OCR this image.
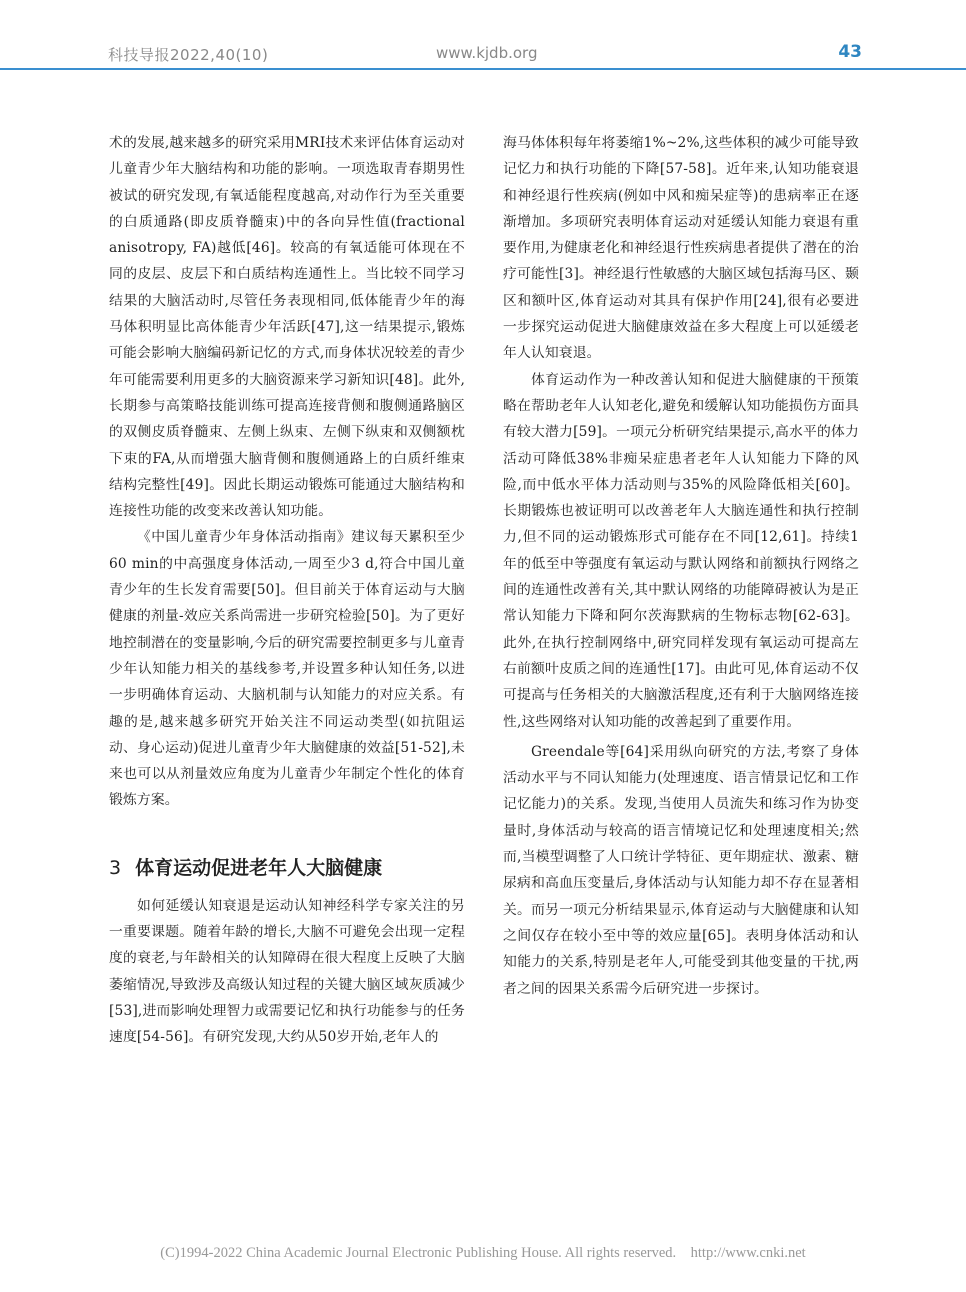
科技导报2022,40(10)	www.kjdb.org	43

术的发展,越来越多的研究采用MRI技术来评估体育运动对儿童青少年大脑结构和功能的影响。一项选取青春期男性被试的研究发现,有氧适能程度越高,对动作行为至关重要的白质通路(即皮质脊髓束)中的各向异性值(fractional anisotropy, FA)越低[46]。较高的有氧适能可体现在不同的皮层、皮层下和白质结构连通性上。当比较不同学习结果的大脑活动时,尽管任务表现相同,低体能青少年的海马体积明显比高体能青少年活跃[47],这一结果提示,锻炼可能会影响大脑编码新记忆的方式,而身体状况较差的青少年可能需要利用更多的大脑资源来学习新知识[48]。此外,长期参与高策略技能训练可提高连接背侧和腹侧通路脑区的双侧皮质脊髓束、左侧上纵束、左侧下纵束和双侧额枕下束的FA,从而增强大脑背侧和腹侧通路上的白质纤维束结构完整性[49]。因此长期运动锻炼可能通过大脑结构和连接性功能的改变来改善认知功能。

《中国儿童青少年身体活动指南》建议每天累积至少60 min的中高强度身体活动,一周至少3 d,符合中国儿童青少年的生长发育需要[50]。但目前关于体育运动与大脑健康的剂量-效应关系尚需进一步研究检验[50]。为了更好地控制潜在的变量影响,今后的研究需要控制更多与儿童青少年认知能力相关的基线参考,并设置多种认知任务,以进一步明确体育运动、大脑机制与认知能力的对应关系。有趣的是,越来越多研究开始关注不同运动类型(如抗阻运动、身心运动)促进儿童青少年大脑健康的效益[51-52],未来也可以从剂量效应角度为儿童青少年制定个性化的体育锻炼方案。

3 体育运动促进老年人大脑健康

如何延缓认知衰退是运动认知神经科学专家关注的另一重要课题。随着年龄的增长,大脑不可避免会出现一定程度的衰老,与年龄相关的认知障碍在很大程度上反映了大脑萎缩情况,导致涉及高级认知过程的关键大脑区域灰质减少[53],进而影响处理智力或需要记忆和执行功能参与的任务速度[54-56]。有研究发现,大约从50岁开始,老年人的

海马体体积每年将萎缩1%~2%,这些体积的减少可能导致记忆力和执行功能的下降[57-58]。近年来,认知功能衰退和神经退行性疾病(例如中风和痴呆症等)的患病率正在逐渐增加。多项研究表明体育运动对延缓认知能力衰退有重要作用,为健康老化和神经退行性疾病患者提供了潜在的治疗可能性[3]。神经退行性敏感的大脑区域包括海马区、颞区和额叶区,体育运动对其具有保护作用[24],很有必要进一步探究运动促进大脑健康效益在多大程度上可以延缓老年人认知衰退。

体育运动作为一种改善认知和促进大脑健康的干预策略在帮助老年人认知老化,避免和缓解认知功能损伤方面具有较大潜力[59]。一项元分析研究结果提示,高水平的体力活动可降低38%非痴呆症患者老年人认知能力下降的风险,而中低水平体力活动则与35%的风险降低相关[60]。长期锻炼也被证明可以改善老年人大脑连通性和执行控制力,但不同的运动锻炼形式可能存在不同[12,61]。持续1年的低至中等强度有氧运动与默认网络和前额执行网络之间的连通性改善有关,其中默认网络的功能障碍被认为是正常认知能力下降和阿尔茨海默病的生物标志物[62-63]。此外,在执行控制网络中,研究同样发现有氧运动可提高左右前额叶皮质之间的连通性[17]。由此可见,体育运动不仅可提高与任务相关的大脑激活程度,还有利于大脑网络连接性,这些网络对认知功能的改善起到了重要作用。

Greendale等[64]采用纵向研究的方法,考察了身体活动水平与不同认知能力(处理速度、语言情景记忆和工作记忆能力)的关系。发现,当使用人员流失和练习作为协变量时,身体活动与较高的语言情境记忆和处理速度相关;然而,当模型调整了人口统计学特征、更年期症状、激素、糖尿病和高血压变量后,身体活动与认知能力却不存在显著相关。而另一项元分析结果显示,体育运动与大脑健康和认知之间仅存在较小至中等的效应量[65]。表明身体活动和认知能力的关系,特别是老年人,可能受到其他变量的干扰,两者之间的因果关系需今后研究进一步探讨。

(C)1994-2022 China Academic Journal Electronic Publishing House. All rights reserved.    http://www.cnki.net
